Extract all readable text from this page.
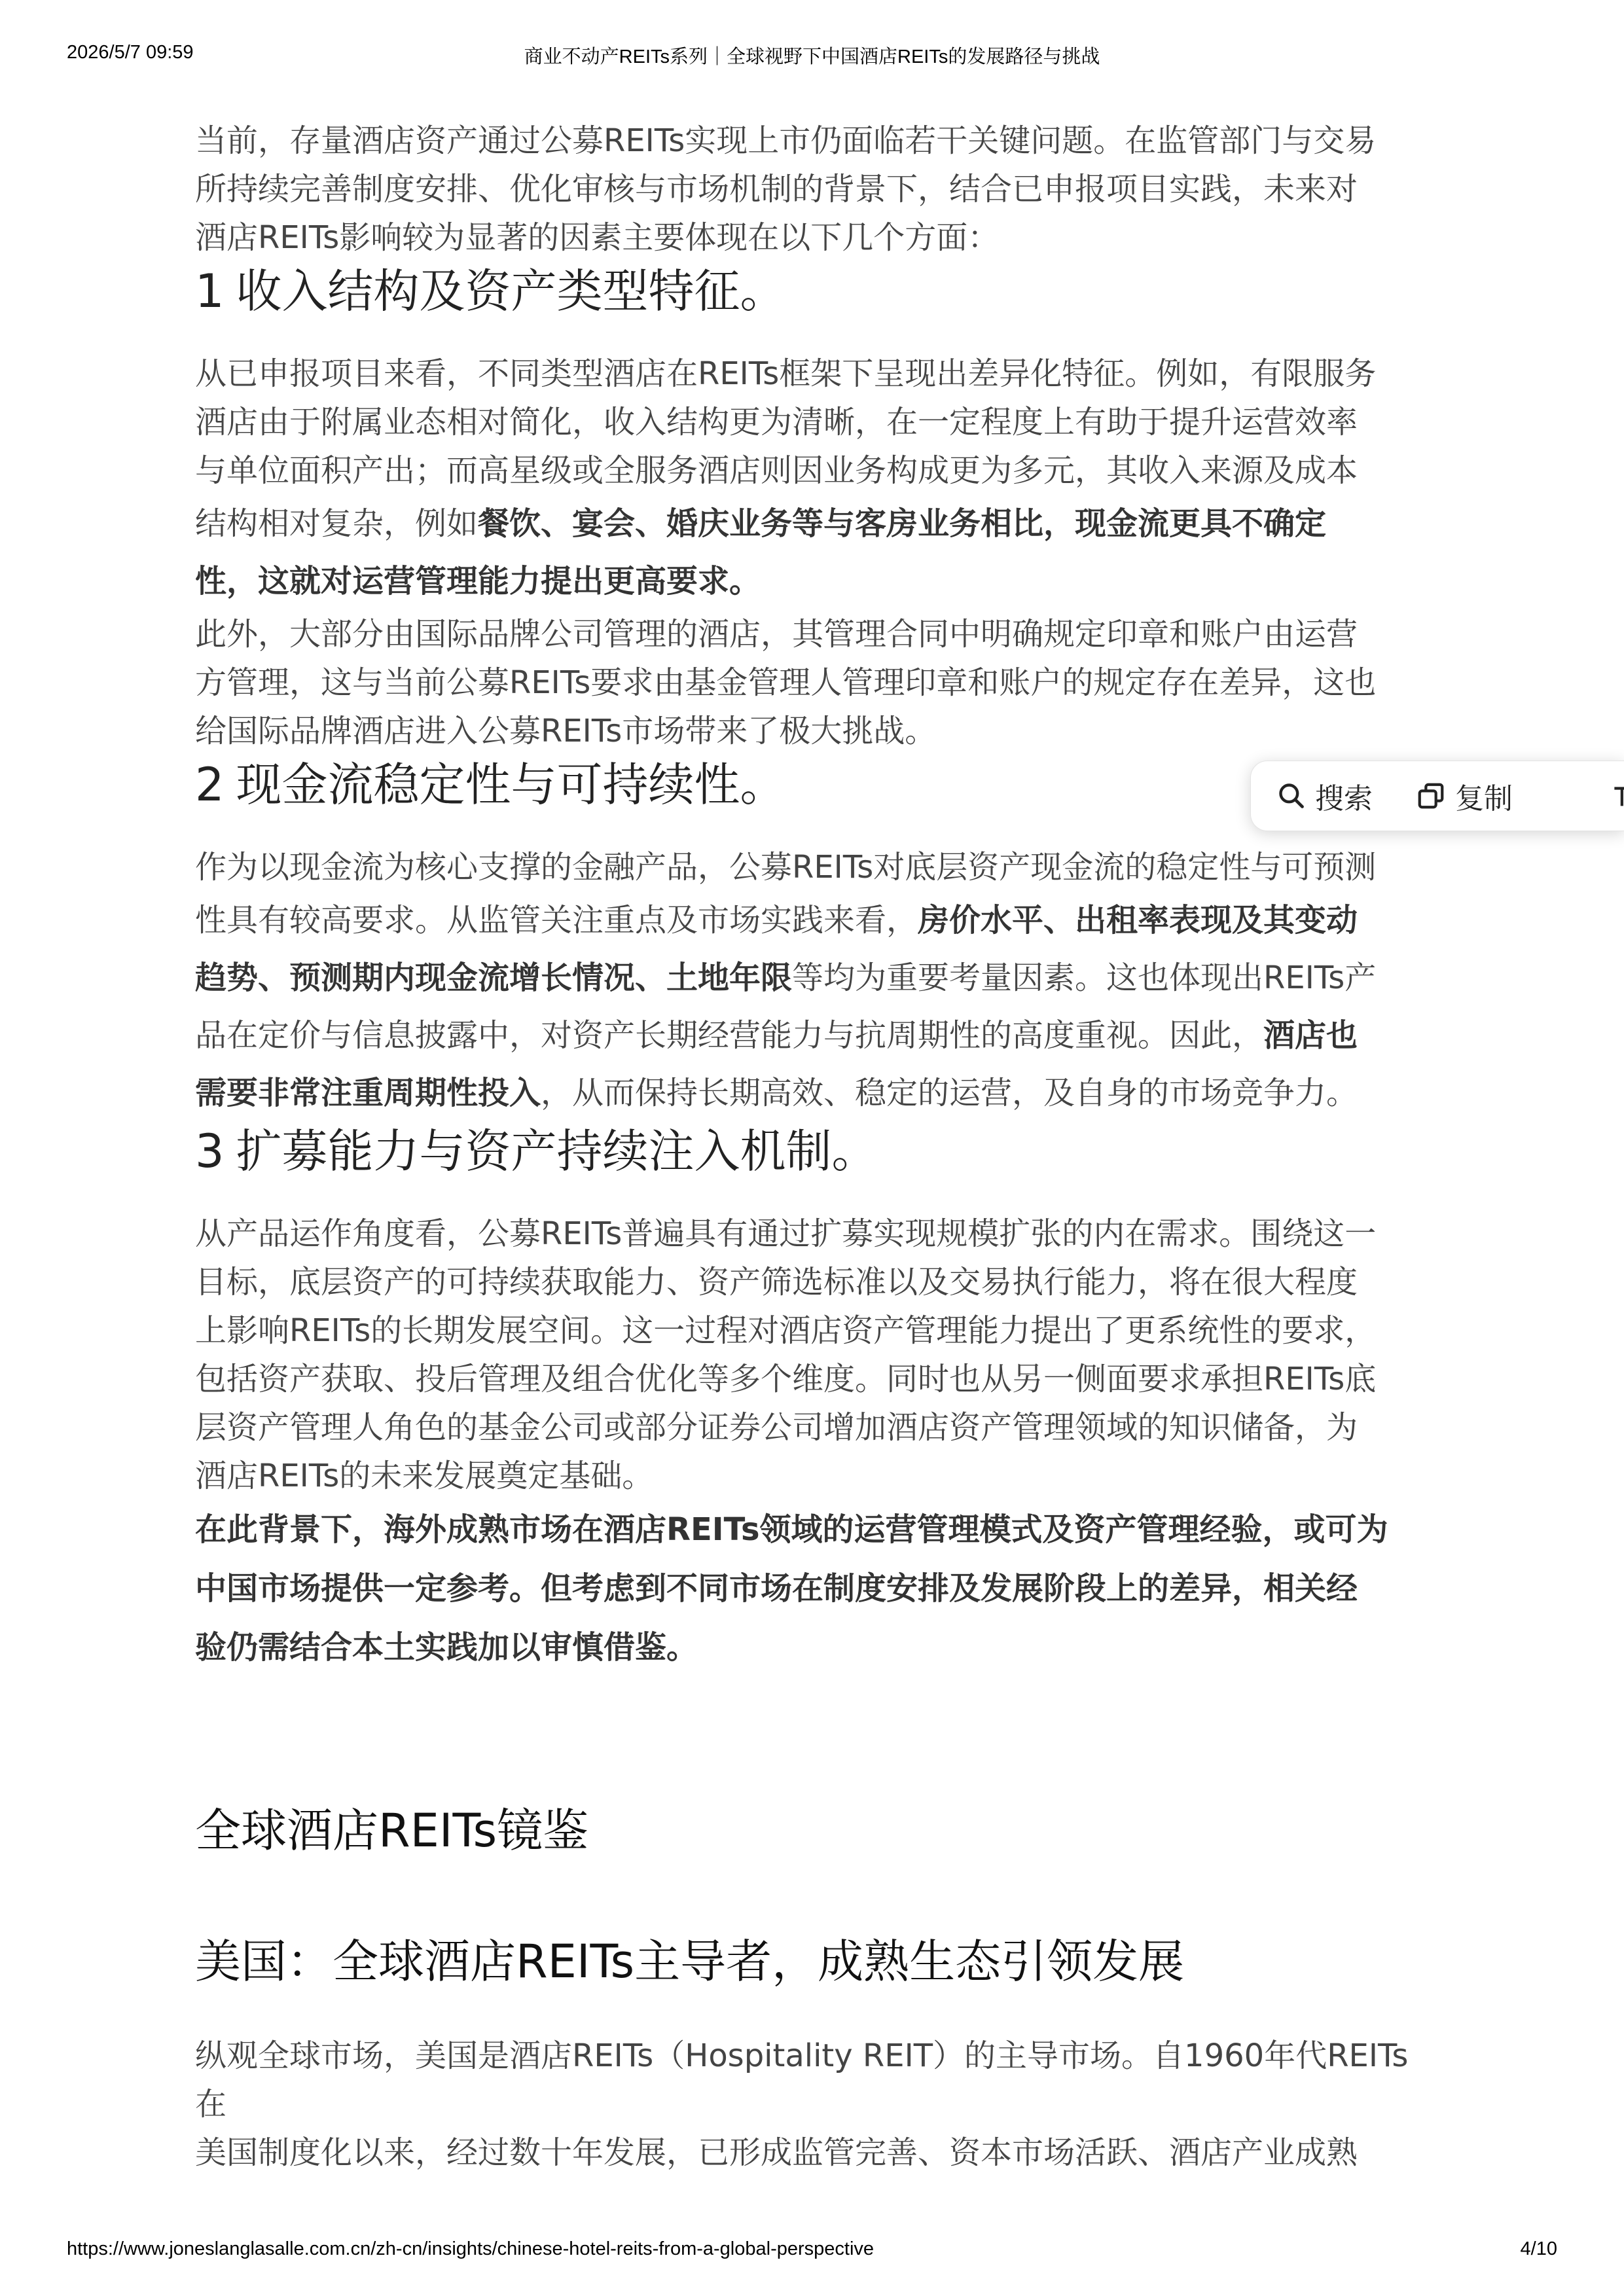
2026/5/7 09:59	商业不动产REITs系列｜全球视野下中国酒店REITs的发展路径与挑战

当前，存量酒店资产通过公募REITs实现上市仍面临若干关键问题。在监管部门与交易

所持续完善制度安排、优化审核与市场机制的背景下，结合已申报项目实践，未来对

酒店REITs影响较为显著的因素主要体现在以下几个方面：

1 收入结构及资产类型特征。

从已申报项目来看，不同类型酒店在REITs框架下呈现出差异化特征。例如，有限服务

酒店由于附属业态相对简化，收入结构更为清晰，在一定程度上有助于提升运营效率

与单位面积产出；而高星级或全服务酒店则因业务构成更为多元，其收入来源及成本

结构相对复杂，例如餐饮、宴会、婚庆业务等与客房业务相比，现金流更具不确定

性，这就对运营管理能力提出更高要求。

此外，大部分由国际品牌公司管理的酒店，其管理合同中明确规定印章和账户由运营

方管理，这与当前公募REITs要求由基金管理人管理印章和账户的规定存在差异，这也

给国际品牌酒店进入公募REITs市场带来了极大挑战。

2 现金流稳定性与可持续性。

作为以现金流为核心支撑的金融产品，公募REITs对底层资产现金流的稳定性与可预测

性具有较高要求。从监管关注重点及市场实践来看，房价水平、出租率表现及其变动

趋势、预测期内现金流增长情况、土地年限等均为重要考量因素。这也体现出REITs产

品在定价与信息披露中，对资产长期经营能力与抗周期性的高度重视。因此，酒店也

需要非常注重周期性投入，从而保持长期高效、稳定的运营，及自身的市场竞争力。

3 扩募能力与资产持续注入机制。

从产品运作角度看，公募REITs普遍具有通过扩募实现规模扩张的内在需求。围绕这一

目标，底层资产的可持续获取能力、资产筛选标准以及交易执行能力，将在很大程度

上影响REITs的长期发展空间。这一过程对酒店资产管理能力提出了更系统性的要求，

包括资产获取、投后管理及组合优化等多个维度。同时也从另一侧面要求承担REITs底

层资产管理人角色的基金公司或部分证券公司增加酒店资产管理领域的知识储备，为

酒店REITs的未来发展奠定基础。

在此背景下，海外成熟市场在酒店REITs领域的运营管理模式及资产管理经验，或可为

中国市场提供一定参考。但考虑到不同市场在制度安排及发展阶段上的差异，相关经

验仍需结合本土实践加以审慎借鉴。

全球酒店REITs镜鉴
美国：全球酒店REITs主导者，成熟生态引领发展

纵观全球市场，美国是酒店REITs（Hospitality REIT）的主导市场。自1960年代REITs在

美国制度化以来，经过数十年发展，已形成监管完善、资本市场活跃、酒店产业成熟

搜索	复制
https://www.joneslanglasalle.com.cn/zh-cn/insights/chinese-hotel-reits-from-a-global-perspective	4/10
